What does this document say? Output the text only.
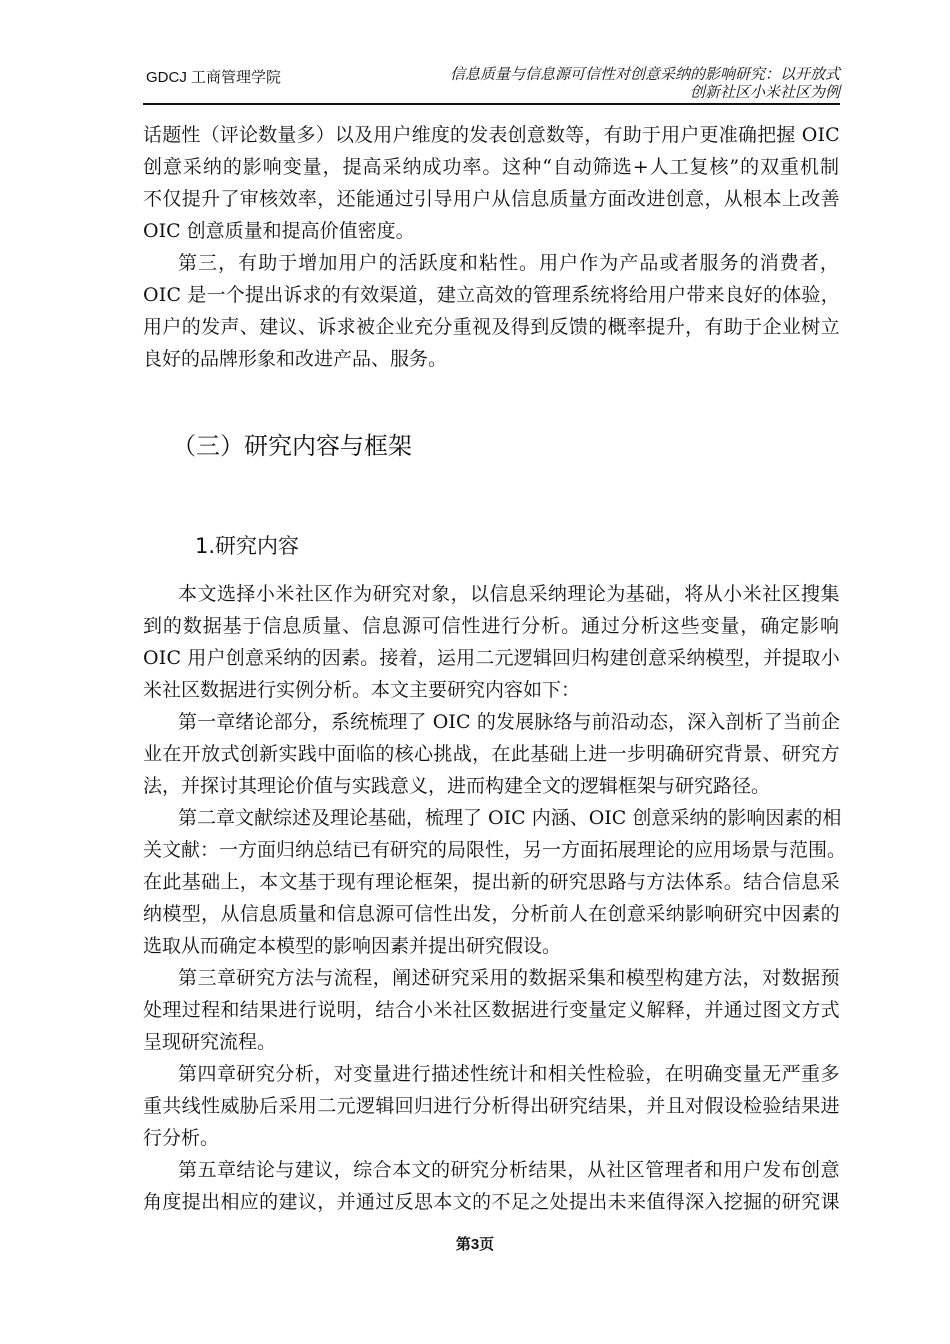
GDCJ 工商管理学院	信息质量与信息源可信性对创意采纳的影响研究：以开放式
创新社区小米社区为例
话题性（评论数量多）以及用户维度的发表创意数等，有助于用户更准确把握 OIC
创意采纳的影响变量，提高采纳成功率。这种“自动筛选+人工复核”的双重机制
不仅提升了审核效率，还能通过引导用户从信息质量方面改进创意，从根本上改善
OIC 创意质量和提高价值密度。
第三，有助于增加用户的活跃度和粘性。用户作为产品或者服务的消费者，
OIC 是一个提出诉求的有效渠道，建立高效的管理系统将给用户带来良好的体验，
用户的发声、建议、诉求被企业充分重视及得到反馈的概率提升，有助于企业树立
良好的品牌形象和改进产品、服务。
（三）研究内容与框架
1.研究内容
本文选择小米社区作为研究对象，以信息采纳理论为基础，将从小米社区搜集
到的数据基于信息质量、信息源可信性进行分析。通过分析这些变量，确定影响
OIC 用户创意采纳的因素。接着，运用二元逻辑回归构建创意采纳模型，并提取小
米社区数据进行实例分析。本文主要研究内容如下：
第一章绪论部分，系统梳理了 OIC 的发展脉络与前沿动态，深入剖析了当前企
业在开放式创新实践中面临的核心挑战，在此基础上进一步明确研究背景、研究方
法，并探讨其理论价值与实践意义，进而构建全文的逻辑框架与研究路径。
第二章文献综述及理论基础，梳理了 OIC 内涵、OIC 创意采纳的影响因素的相
关文献：一方面归纳总结已有研究的局限性，另一方面拓展理论的应用场景与范围。
在此基础上，本文基于现有理论框架，提出新的研究思路与方法体系。结合信息采
纳模型，从信息质量和信息源可信性出发，分析前人在创意采纳影响研究中因素的
选取从而确定本模型的影响因素并提出研究假设。
第三章研究方法与流程，阐述研究采用的数据采集和模型构建方法，对数据预
处理过程和结果进行说明，结合小米社区数据进行变量定义解释，并通过图文方式
呈现研究流程。
第四章研究分析，对变量进行描述性统计和相关性检验，在明确变量无严重多
重共线性威胁后采用二元逻辑回归进行分析得出研究结果，并且对假设检验结果进
行分析。
第五章结论与建议，综合本文的研究分析结果，从社区管理者和用户发布创意
角度提出相应的建议，并通过反思本文的不足之处提出未来值得深入挖掘的研究课
第3页
